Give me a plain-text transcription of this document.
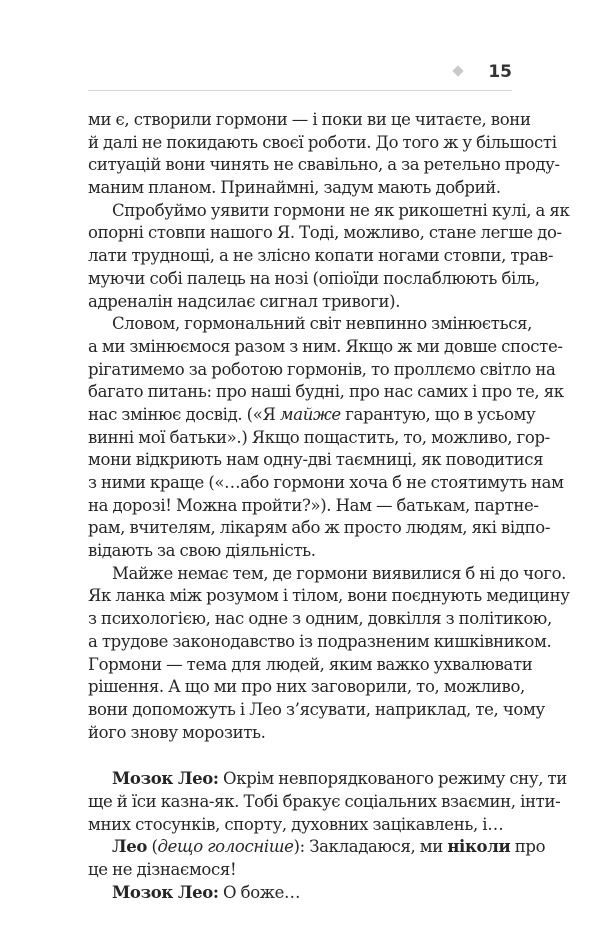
15

ми є, створили гормони — і поки ви це читаєте, вони
й далі не покидають своєї роботи. До того ж у більшості
ситуацій вони чинять не свавільно, а за ретельно проду-
маним планом. Принаймні, задум мають добрий.

Спробуймо уявити гормони не як рикошетні кулі, а як
опорні стовпи нашого Я. Тоді, можливо, стане легше до-
лати труднощі, а не злісно копати ногами стовпи, трав-
муючи собі палець на нозі (опіоїди послаблюють біль,
адреналін надсилає сигнал тривоги).

Словом, гормональний світ невпинно змінюється,
а ми змінюємося разом з ним. Якщо ж ми довше спосте-
рігатимемо за роботою гормонів, то проллємо світло на
багато питань: про наші будні, про нас самих і про те, як
нас змінює досвід. («Я майже гарантую, що в усьому
винні мої батьки».) Якщо пощастить, то, можливо, гор-
мони відкриють нам одну-дві таємниці, як поводитися
з ними краще («…або гормони хоча б не стоятимуть нам
на дорозі! Можна пройти?»). Нам — батькам, партне-
рам, вчителям, лікарям або ж просто людям, які відпо-
відають за свою діяльність.

Майже немає тем, де гормони виявилися б ні до чого.
Як ланка між розумом і тілом, вони поєднують медицину
з психологією, нас одне з одним, довкілля з політикою,
а трудове законодавство із подразненим кишківником.
Гормони — тема для людей, яким важко ухвалювати
рішення. А що ми про них заговорили, то, можливо,
вони допоможуть і Лео з’ясувати, наприклад, те, чому
його знову морозить.

Мозок Лео: Окрім невпорядкованого режиму сну, ти
ще й їси казна-як. Тобі бракує соціальних взаємин, інти-
мних стосунків, спорту, духовних зацікавлень, і…
Лео (дещо голосніше): Закладаюся, ми ніколи про
це не дізнаємося!
Мозок Лео: О боже…
